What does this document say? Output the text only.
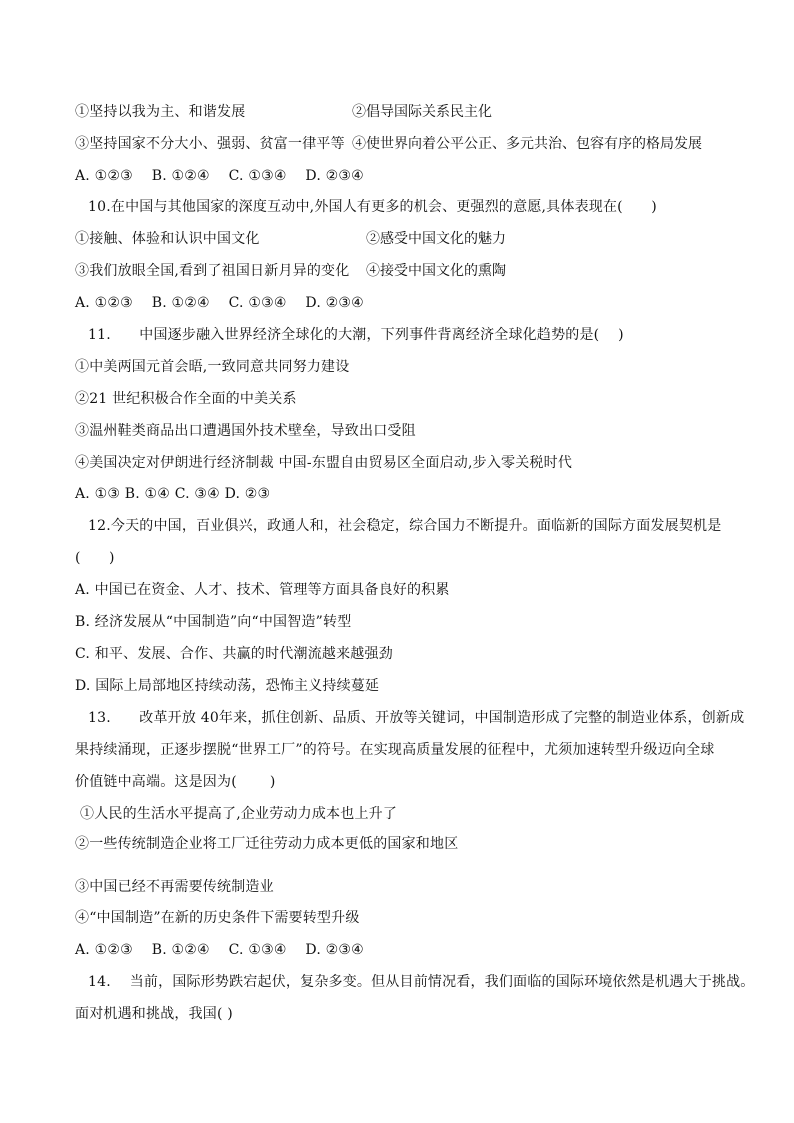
①坚持以我为主、和谐发展	②倡导国际关系民主化
③坚持国家不分大小、强弱、贫富一律平等 ④使世界向着公平公正、多元共治、包容有序的格局发展
A. ①②③　 B. ①②④　 C. ①③④　 D. ②③④
10.在中国与其他国家的深度互动中,外国人有更多的机会、更强烈的意愿,具体表现在(　　)
①接触、体验和认识中国文化	②感受中国文化的魅力
③我们放眼全国,看到了祖国日新月异的变化 ④接受中国文化的熏陶
A. ①②③　 B. ①②④　 C. ①③④　 D. ②③④
11.　　中国逐步融入世界经济全球化的大潮，下列事件背离经济全球化趋势的是(　 )
①中美两国元首会晤,一致同意共同努力建设
②21 世纪积极合作全面的中美关系
③温州鞋类商品出口遭遇国外技术壁垒，导致出口受阻
④美国决定对伊朗进行经济制裁 中国-东盟自由贸易区全面启动,步入零关税时代
A. ①③ B. ①④ C. ③④ D. ②③
12.今天的中国，百业俱兴，政通人和，社会稳定，综合国力不断提升。面临新的国际方面发展契机是
(　　)
A. 中国已在资金、人才、技术、管理等方面具备良好的积累
B. 经济发展从“中国制造”向“中国智造”转型
C. 和平、发展、合作、共赢的时代潮流越来越强劲
D. 国际上局部地区持续动荡，恐怖主义持续蔓延
13.　　改革开放 40年来，抓住创新、品质、开放等关键词，中国制造形成了完整的制造业体系，创新成
果持续涌现，正逐步摆脱“世界工厂”的符号。在实现高质量发展的征程中，尤须加速转型升级迈向全球
价值链中高端。这是因为(　　 )
①人民的生活水平提高了,企业劳动力成本也上升了
②一些传统制造企业将工厂迁往劳动力成本更低的国家和地区
③中国已经不再需要传统制造业
④“中国制造”在新的历史条件下需要转型升级
A. ①②③　 B. ①②④　 C. ①③④　 D. ②③④
14.　 当前，国际形势跌宕起伏，复杂多变。但从目前情况看，我们面临的国际环境依然是机遇大于挑战。
面对机遇和挑战，我国( )
